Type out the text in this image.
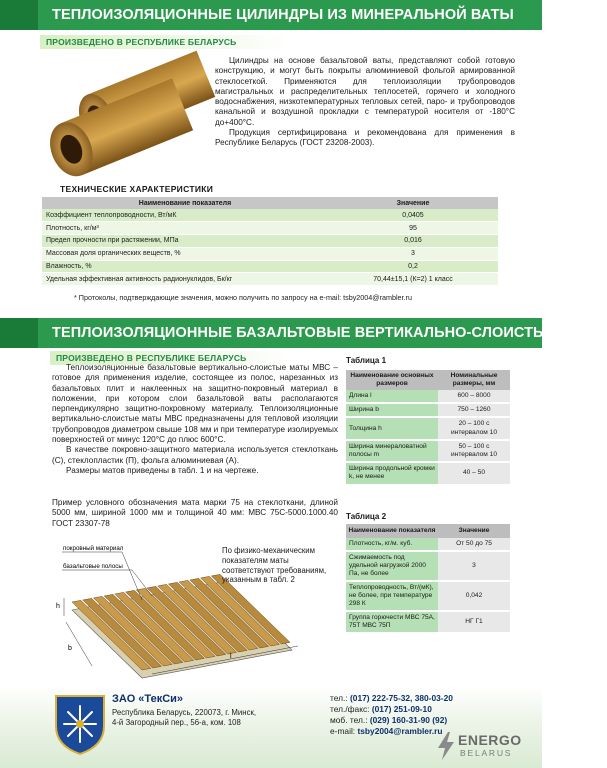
ТЕПЛОИЗОЛЯЦИОННЫЕ ЦИЛИНДРЫ ИЗ МИНЕРАЛЬНОЙ ВАТЫ
ПРОИЗВЕДЕНО В РЕСПУБЛИКЕ БЕЛАРУСЬ

Цилиндры на основе базальтовой ваты, представляют собой готовую конструкцию, и могут быть покрыты алюминиевой фольгой армированной стеклосеткой. Применяются для теплоизоляции трубопроводов магистральных и распределительных теплосетей, горячего и холодного водоснабжения, низкотемпературных тепловых сетей, паро- и трубопроводов канальной и воздушной прокладки с температурой носителя от -180°С до+400°С.

Продукция сертифицирована и рекомендована для применения в Республике Беларусь (ГОСТ 23208-2003).

ТЕХНИЧЕСКИЕ ХАРАКТЕРИСТИКИ
Наименование показателя	Значение
Коэффициент теплопроводности, Вт/мК	0,0405
Плотность, кг/м³	95
Предел прочности при растяжении, МПа	0,016
Массовая доля органических веществ, %	3
Влажность, %	0,2
Удельная эффективная активность радионуклидов, Бк/кг	70,44±15,1 (К=2) 1 класс
* Протоколы, подтверждающие значения, можно получить по запросу на e-mail: tsby2004@rambler.ru
ТЕПЛОИЗОЛЯЦИОННЫЕ БАЗАЛЬТОВЫЕ ВЕРТИКАЛЬНО-СЛОИСТЫЕ МАТЫ
ПРОИЗВЕДЕНО В РЕСПУБЛИКЕ БЕЛАРУСЬ

Теплоизоляционные базальтовые вертикально-слоистые маты МВС – готовое для применения изделие, состоящее из полос, нарезанных из базальтовых плит и наклеенных на защитно-покровный материал в положении, при котором слои базальтовой ваты располагаются перпендикулярно защитно-покровному материалу. Теплоизоляционные вертикально-слоистые маты МВС предназначены для тепловой изоляции трубопроводов диаметром свыше 108 мм и при температуре изолируемых поверхностей от минус 120°С до плюс 600°С.

В качестве покровно-защитного материала используется стеклоткань (С), стеклопластик (П), фольга алюминиевая (А).

Размеры матов приведены в табл. 1 и на чертеже.

Пример условного обозначения мата марки 75 на стеклоткани, длиной 5000 мм, шириной 1000 мм и толщиной 40 мм: МВС 75С-5000.1000.40 ГОСТ 23307-78

покровный материал
базальтовые полосы
h
b
l
По физико-механическим показателям маты соответствуют требованиям, указанным в табл. 2
Таблица 1
Наименование основных размеров	Номинальные размеры, мм
Длина l	600 – 8000
Ширина b	750 – 1260
Толщина h	20 – 100 с интервалом 10
Ширина минераловатной полосы m	50 – 100 с интервалом 10
Ширина продольной кромки k, не менее	40 – 50
Таблица 2
Наименование показателя	Значение
Плотность, кг/м. куб.	От 50 до 75
Сжимаемость под удельной нагрузкой 2000 Па, не более	3
Теплопроводность, Вт/(мК), не более, при температуре 298 К	0,042
Группа горючести МВС 75А, 75Т МВС 75П	НГ Г1
ЗАО «ТекСи»
Республика Беларусь, 220073, г. Минск,
4-й Загородный пер., 56-а, ком. 108
тел.: (017) 222-75-32, 380-03-20
тел./факс: (017) 251-09-10
моб. тел.: (029) 160-31-90 (92)
e-mail: tsby2004@rambler.ru
ENERGO
BELARUS
